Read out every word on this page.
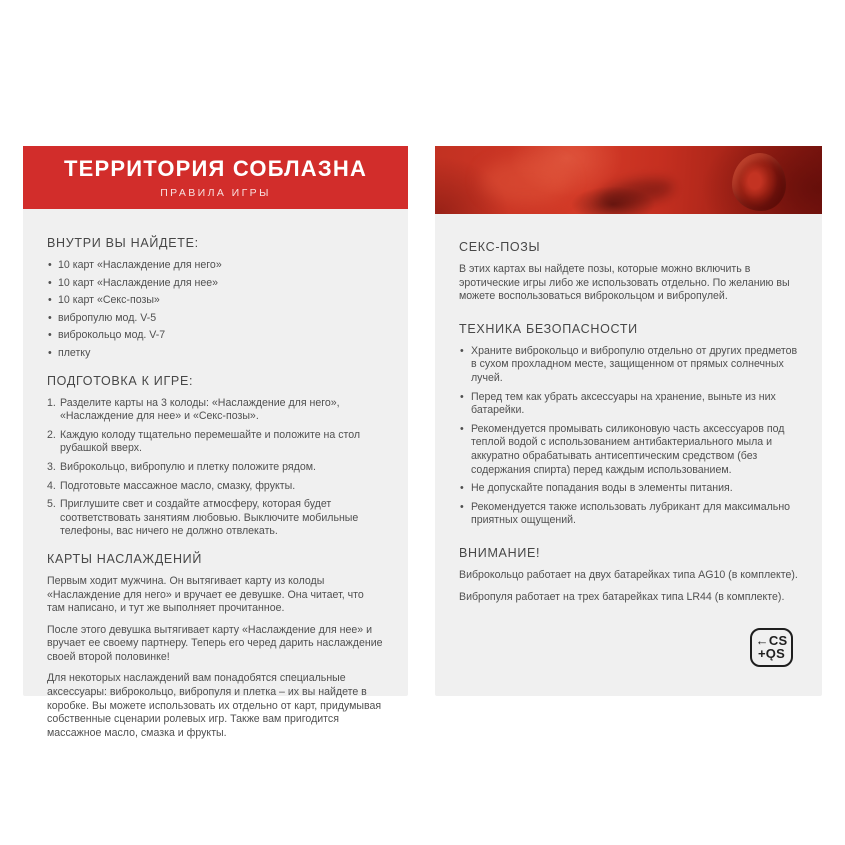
ТЕРРИТОРИЯ СОБЛАЗНА
ПРАВИЛА ИГРЫ
ВНУТРИ ВЫ НАЙДЕТЕ:
• 10 карт «Наслаждение для него»
• 10 карт «Наслаждение для нее»
• 10 карт «Секс-позы»
• вибропулю мод. V-5
• виброкольцо мод. V-7
• плетку
ПОДГОТОВКА К ИГРЕ:
Разделите карты на 3 колоды: «Наслаждение для него», «Наслаждение для нее» и «Секс-позы».
Каждую колоду тщательно перемешайте и положите на стол рубашкой вверх.
Виброкольцо, вибропулю и плетку положите рядом.
Подготовьте массажное масло, смазку, фрукты.
Приглушите свет и создайте атмосферу, которая будет соответствовать занятиям любовью. Выключите мобильные телефоны, вас ничего не должно отвлекать.
КАРТЫ НАСЛАЖДЕНИЙ

Первым ходит мужчина. Он вытягивает карту из колоды «Наслаждение для него» и вручает ее девушке. Она читает, что там написано, и тут же выполняет прочитанное.

После этого девушка вытягивает карту «Наслаждение для нее» и вручает ее своему партнеру. Теперь его черед дарить наслаждение своей второй половинке!

Для некоторых наслаждений вам понадобятся специальные аксессуары: виброкольцо, вибропуля и плетка – их вы найдете в коробке. Вы можете использовать их отдельно от карт, придумывая собственные сценарии ролевых игр. Также вам пригодится массажное масло, смазка и фрукты.

СЕКС-ПОЗЫ

В этих картах вы найдете позы, которые можно включить в эротические игры либо же использовать отдельно. По желанию вы можете воспользоваться виброкольцом и вибропулей.

ТЕХНИКА БЕЗОПАСНОСТИ
• Храните виброкольцо и вибропулю отдельно от других предметов в сухом прохладном месте, защищенном от прямых солнечных лучей.
• Перед тем как убрать аксессуары на хранение, выньте из них батарейки.
• Рекомендуется промывать силиконовую часть аксессуаров под теплой водой с использованием антибактериального мыла и аккуратно обрабатывать антисептическим средством (без содержания спирта) перед каждым использованием.
• Не допускайте попадания воды в элементы питания.
• Рекомендуется также использовать лубрикант для максимально приятных ощущений.
ВНИМАНИЕ!

Виброкольцо работает на двух батарейках типа AG10 (в комплекте).

Вибропуля работает на трех батарейках типа LR44 (в комплекте).

←CS
+ǪS
